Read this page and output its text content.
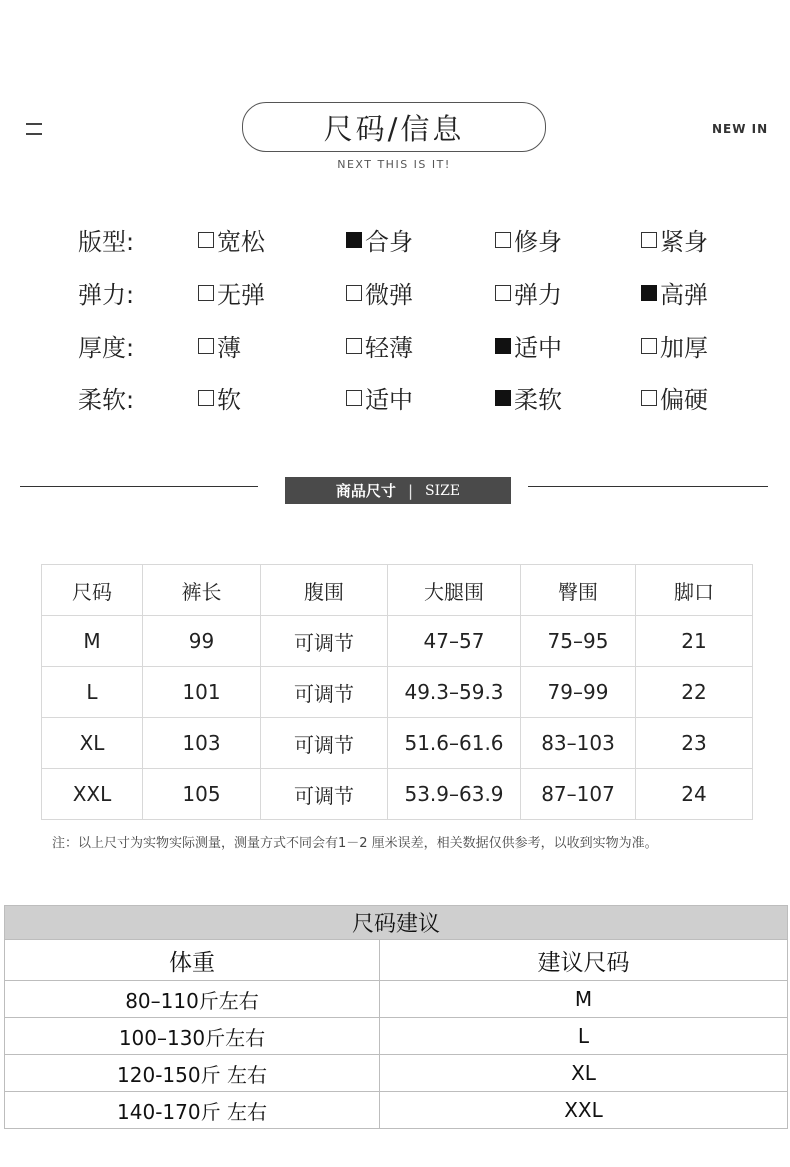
尺码/信息
NEXT THIS IS IT!
NEW IN
版型:	宽松	合身	修身	紧身
弹力:	无弹	微弹	弹力	高弹
厚度:	薄	轻薄	适中	加厚
柔软:	软	适中	柔软	偏硬
商品尺寸 | SIZE
尺码	裤长	腹围	大腿围	臀围	脚口
M	99	可调节	47–57	75–95	21
L	101	可调节	49.3–59.3	79–99	22
XL	103	可调节	51.6–61.6	83–103	23
XXL	105	可调节	53.9–63.9	87–107	24
注：以上尺寸为实物实际测量，测量方式不同会有1－2 厘米误差，相关数据仅供参考，以收到实物为准。
尺码建议	
体重	建议尺码
80–110斤左右	M
100–130斤左右	L
120-150斤 左右	XL
140-170斤 左右	XXL
